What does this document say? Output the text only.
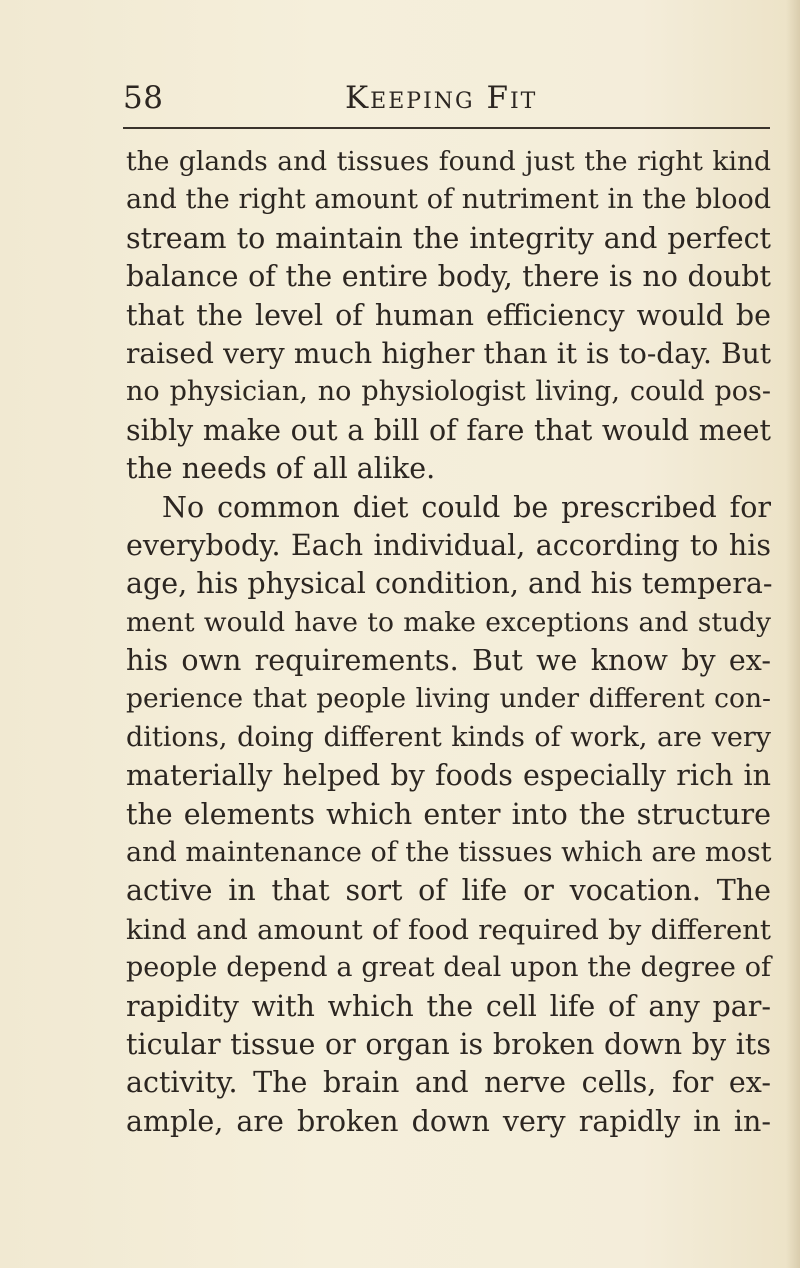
58	Keeping Fit
the glands and tissues found just the right kind
and the right amount of nutriment in the blood
stream to maintain the integrity and perfect
balance of the entire body, there is no doubt
that the level of human efficiency would be
raised very much higher than it is to-day. But
no physician, no physiologist living, could pos-
sibly make out a bill of fare that would meet
the needs of all alike.
No common diet could be prescribed for
everybody. Each individual, according to his
age, his physical condition, and his tempera-
ment would have to make exceptions and study
his own requirements. But we know by ex-
perience that people living under different con-
ditions, doing different kinds of work, are very
materially helped by foods especially rich in
the elements which enter into the structure
and maintenance of the tissues which are most
active in that sort of life or vocation. The
kind and amount of food required by different
people depend a great deal upon the degree of
rapidity with which the cell life of any par-
ticular tissue or organ is broken down by its
activity. The brain and nerve cells, for ex-
ample, are broken down very rapidly in in-
